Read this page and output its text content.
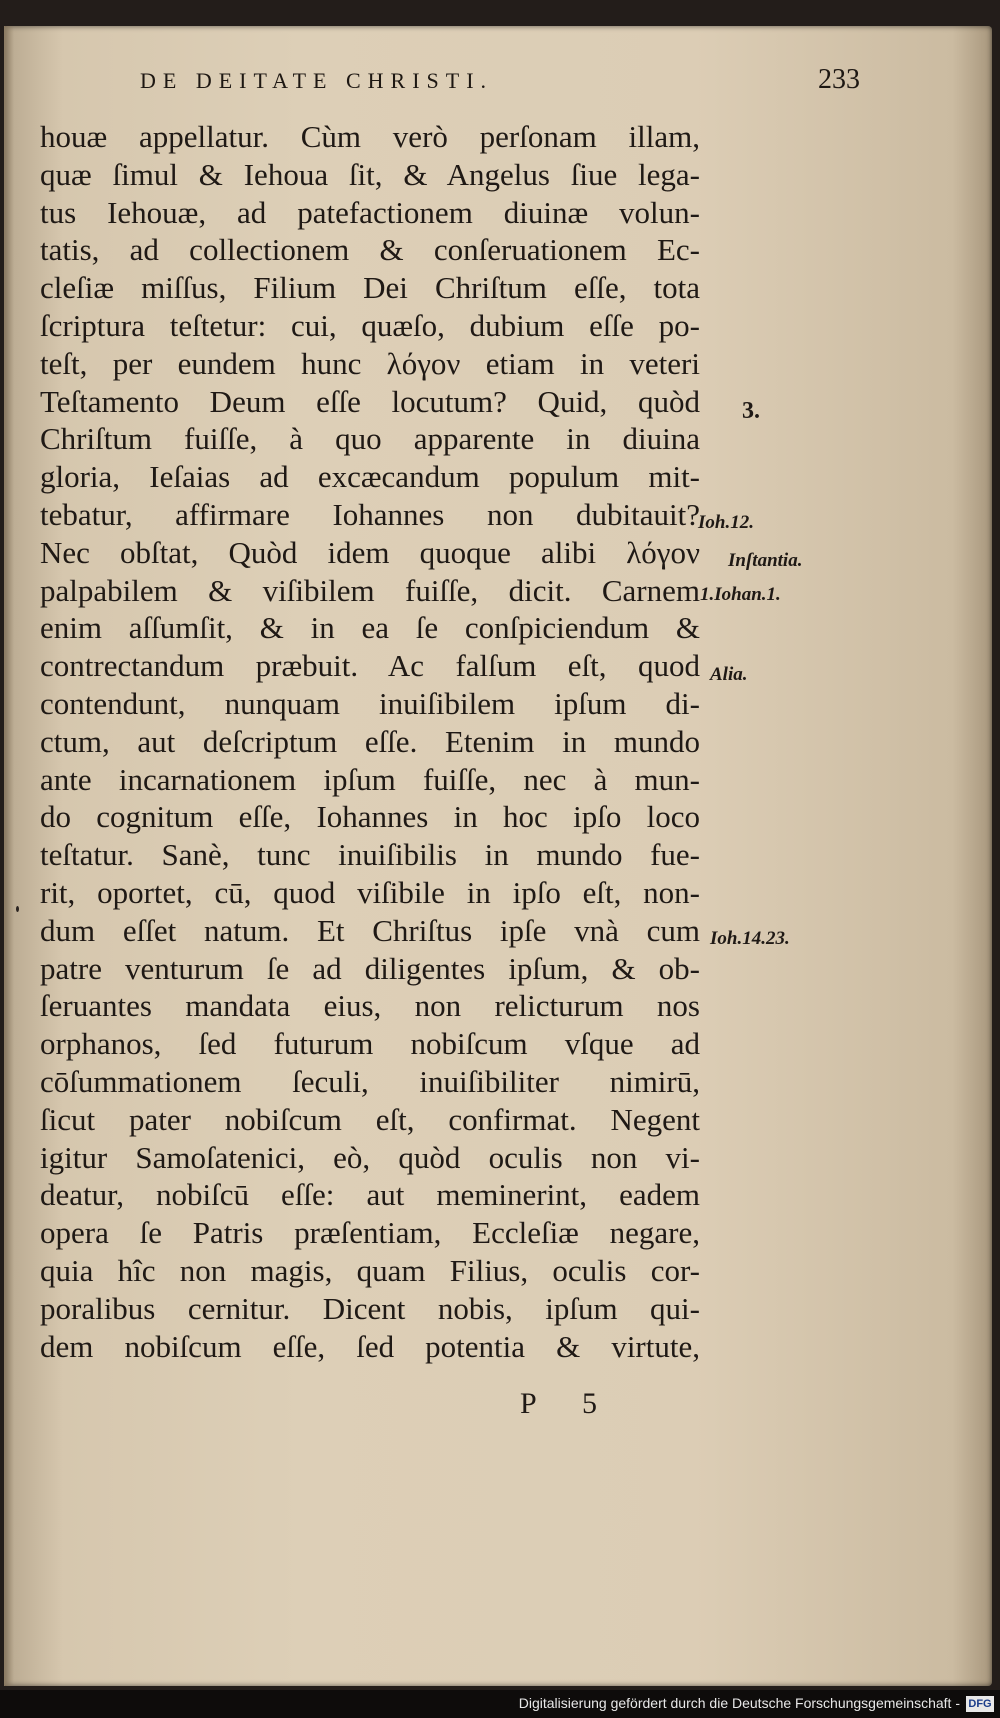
DE DEITATE CHRISTI.	233
houæ appellatur. Cùm verò perſonam illam,
quæ ſimul & Iehoua ſit, & Angelus ſiue lega-
tus Iehouæ, ad patefactionem diuinæ volun-
tatis, ad collectionem & conſeruationem Ec-
cleſiæ miſſus, Filium Dei Chriſtum eſſe, tota
ſcriptura teſtetur: cui, quæſo, dubium eſſe po-
teſt, per eundem hunc λόγον etiam in veteri
Teſtamento Deum eſſe locutum? Quid, quòd
Chriſtum fuiſſe, à quo apparente in diuina
gloria, Ieſaias ad excæcandum populum mit-
tebatur, affirmare Iohannes non dubitauit?
Nec obſtat, Quòd idem quoque alibi λόγον
palpabilem & viſibilem fuiſſe, dicit. Carnem
enim aſſumſit, & in ea ſe conſpiciendum &
contrectandum præbuit. Ac falſum eſt, quod
contendunt, nunquam inuiſibilem ipſum di-
ctum, aut deſcriptum eſſe. Etenim in mundo
ante incarnationem ipſum fuiſſe, nec à mun-
do cognitum eſſe, Iohannes in hoc ipſo loco
teſtatur. Sanè, tunc inuiſibilis in mundo fue-
rit, oportet, cū, quod viſibile in ipſo eſt, non-
dum eſſet natum. Et Chriſtus ipſe vnà cum
patre venturum ſe ad diligentes ipſum, & ob-
ſeruantes mandata eius, non relicturum nos
orphanos, ſed futurum nobiſcum vſque ad
cōſummationem ſeculi, inuiſibiliter nimirū,
ſicut pater nobiſcum eſt, confirmat. Negent
igitur Samoſatenici, eò, quòd oculis non vi-
deatur, nobiſcū eſſe: aut meminerint, eadem
opera ſe Patris præſentiam, Eccleſiæ negare,
quia hîc non magis, quam Filius, oculis cor-
poralibus cernitur. Dicent nobis, ipſum qui-
dem nobiſcum eſſe, ſed potentia & virtute,
3.
Ioh.12.
Inſtantia.
1.Iohan.1.
Alia.
Ioh.14.23.
P 5
Digitalisierung gefördert durch die Deutsche Forschungsgemeinschaft - DFG
